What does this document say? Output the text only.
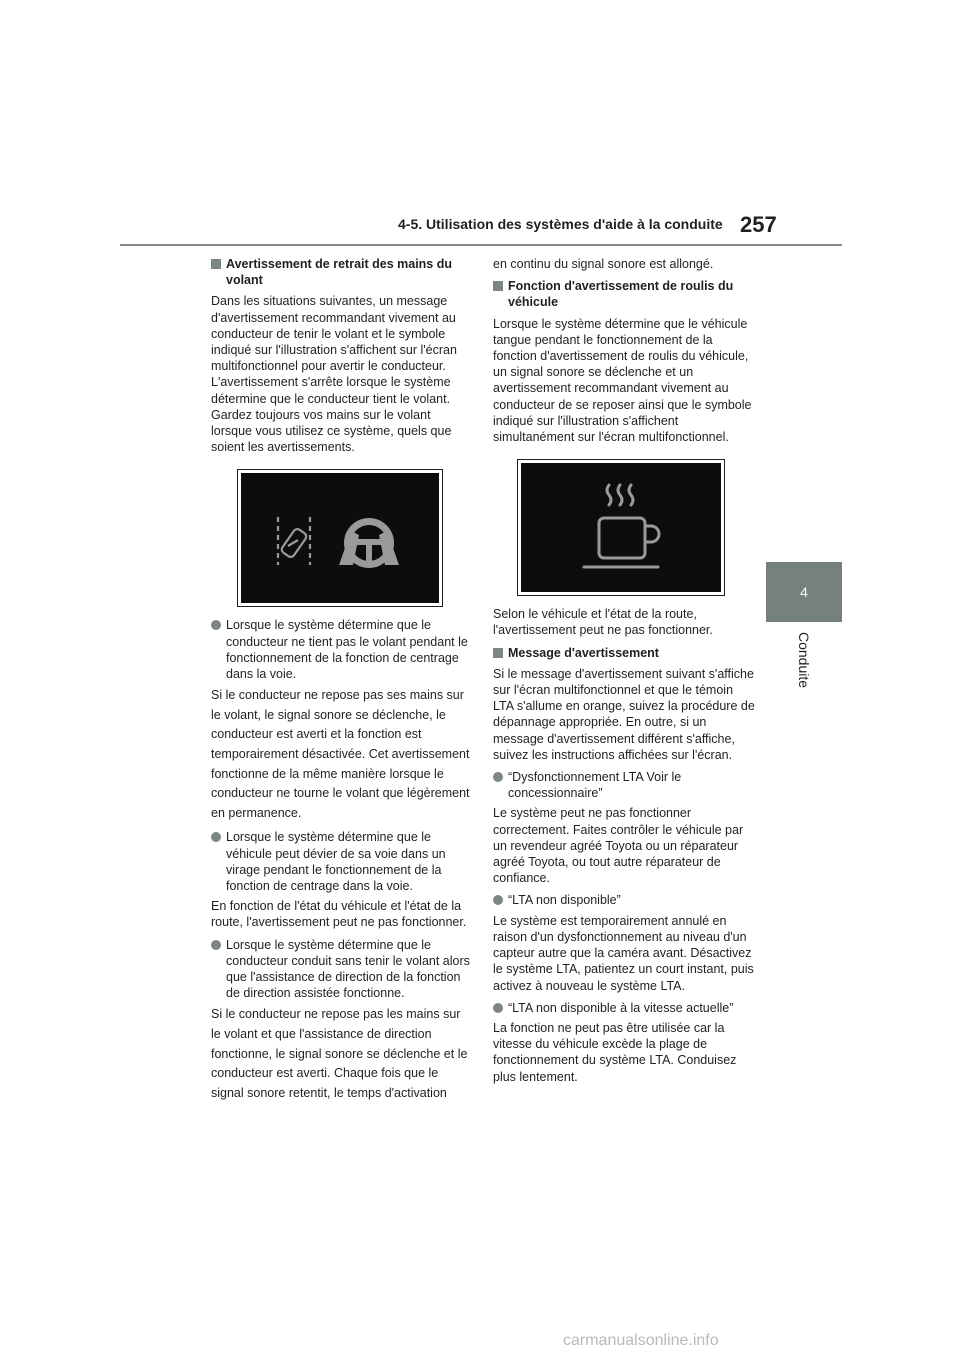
4-5. Utilisation des systèmes d'aide à la conduite 257
4
Conduite
Avertissement de retrait des mains du volant

Dans les situations suivantes, un message d'avertissement recommandant vivement au conducteur de tenir le volant et le symbole indiqué sur l'illustration s'affichent sur l'écran multifonctionnel pour avertir le conducteur. L'avertissement s'arrête lorsque le système détermine que le conducteur tient le volant. Gardez toujours vos mains sur le volant lorsque vous utilisez ce système, quels que soient les avertissements.

Lorsque le système détermine que le conducteur ne tient pas le volant pendant le fonctionnement de la fonction de centrage dans la voie.

Si le conducteur ne repose pas ses mains sur le volant, le signal sonore se déclenche, le conducteur est averti et la fonction est temporairement désactivée. Cet avertissement fonctionne de la même manière lorsque le conducteur ne tourne le volant que légèrement en permanence.

Lorsque le système détermine que le véhicule peut dévier de sa voie dans un virage pendant le fonctionnement de la fonction de centrage dans la voie.

En fonction de l'état du véhicule et l'état de la route, l'avertissement peut ne pas fonctionner.

Lorsque le système détermine que le conducteur conduit sans tenir le volant alors que l'assistance de direction de la fonction de direction assistée fonctionne.

Si le conducteur ne repose pas les mains sur le volant et que l'assistance de direction fonctionne, le signal sonore se déclenche et le conducteur est averti. Chaque fois que le signal sonore retentit, le temps d'activation

en continu du signal sonore est allongé.

Fonction d'avertissement de roulis du véhicule

Lorsque le système détermine que le véhicule tangue pendant le fonctionnement de la fonction d'avertissement de roulis du véhicule, un signal sonore se déclenche et un avertissement recommandant vivement au conducteur de se reposer ainsi que le symbole indiqué sur l'illustration s'affichent simultanément sur l'écran multifonctionnel.

Selon le véhicule et l'état de la route, l'avertissement peut ne pas fonctionner.

Message d'avertissement

Si le message d'avertissement suivant s'affiche sur l'écran multifonctionnel et que le témoin LTA s'allume en orange, suivez la procédure de dépannage appropriée. En outre, si un message d'avertissement différent s'affiche, suivez les instructions affichées sur l'écran.

“Dysfonctionnement LTA Voir le concessionnaire”

Le système peut ne pas fonctionner correctement. Faites contrôler le véhicule par un revendeur agréé Toyota ou un réparateur agréé Toyota, ou tout autre réparateur de confiance.

“LTA non disponible”

Le système est temporairement annulé en raison d'un dysfonctionnement au niveau d'un capteur autre que la caméra avant. Désactivez le système LTA, patientez un court instant, puis activez à nouveau le système LTA.

“LTA non disponible à la vitesse actuelle”

La fonction ne peut pas être utilisée car la vitesse du véhicule excède la plage de fonctionnement du système LTA. Conduisez plus lentement.

carmanualsonline.info
